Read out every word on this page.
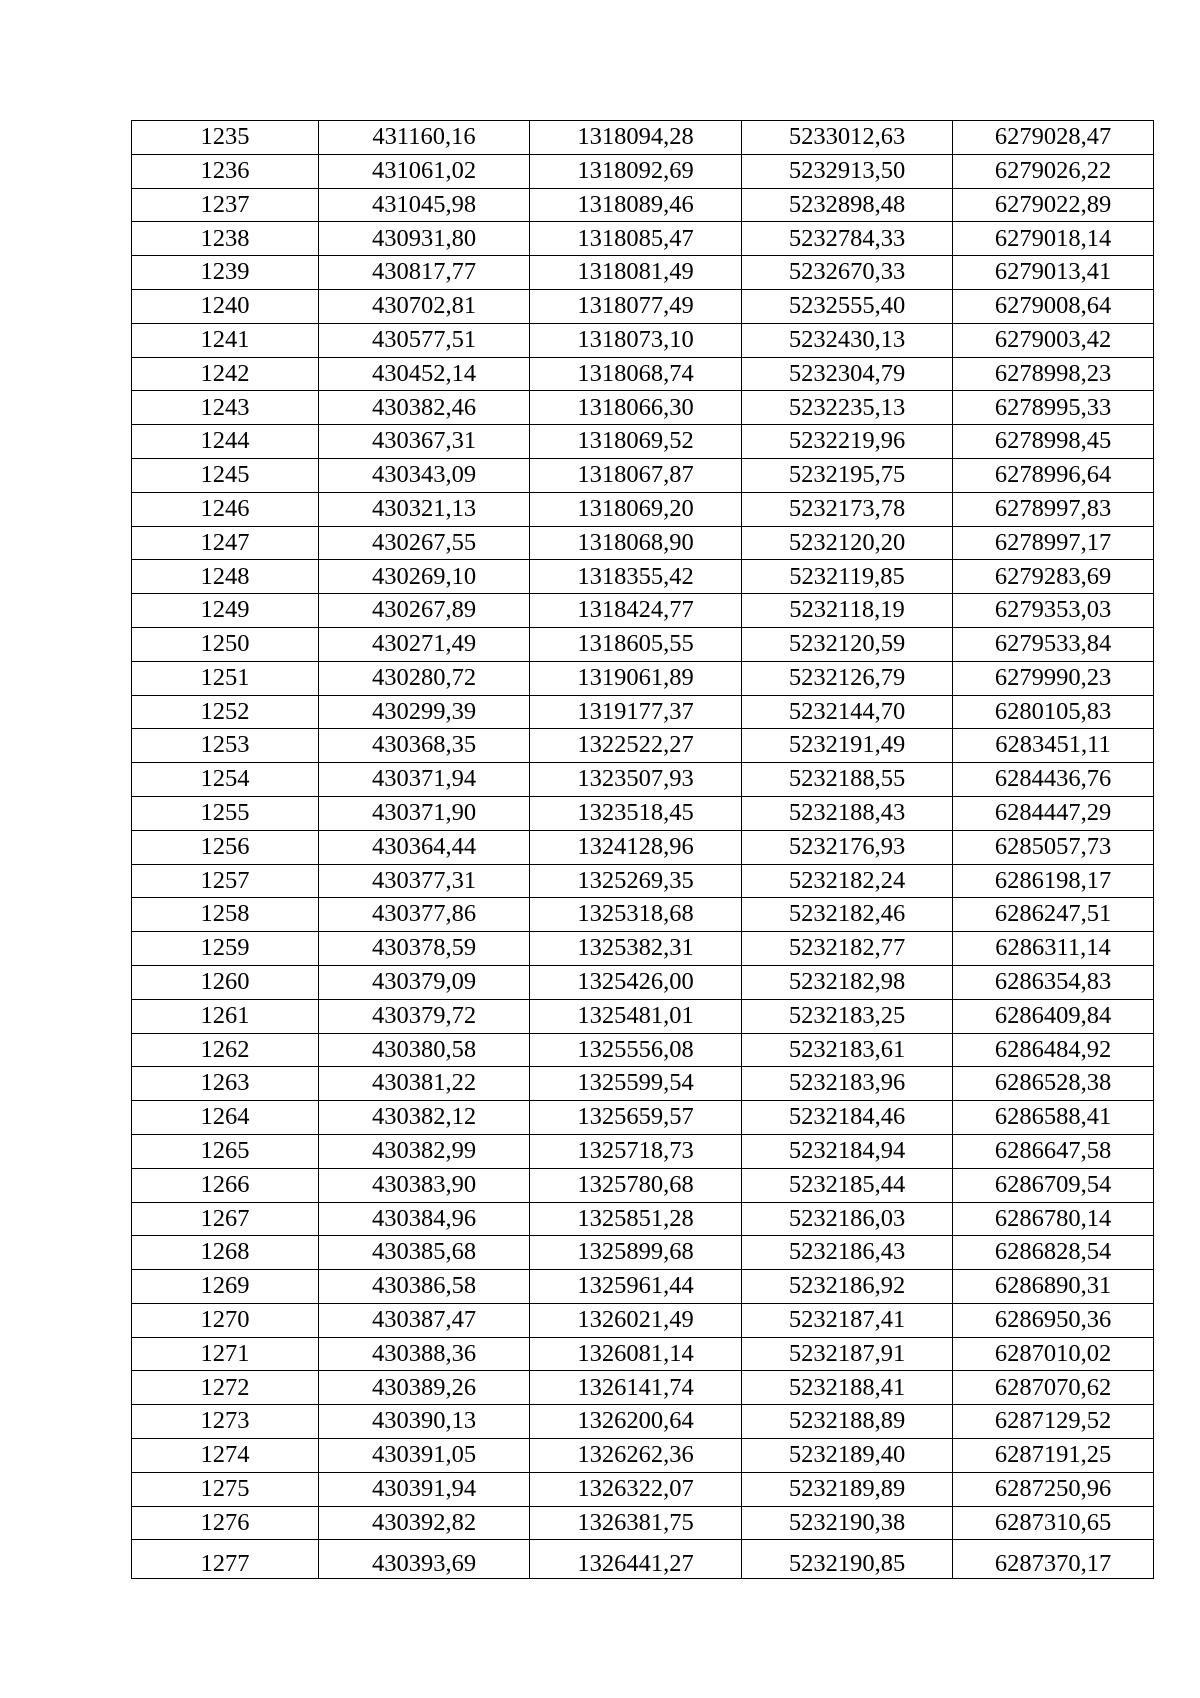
1235	431160,16	1318094,28	5233012,63	6279028,47
1236	431061,02	1318092,69	5232913,50	6279026,22
1237	431045,98	1318089,46	5232898,48	6279022,89
1238	430931,80	1318085,47	5232784,33	6279018,14
1239	430817,77	1318081,49	5232670,33	6279013,41
1240	430702,81	1318077,49	5232555,40	6279008,64
1241	430577,51	1318073,10	5232430,13	6279003,42
1242	430452,14	1318068,74	5232304,79	6278998,23
1243	430382,46	1318066,30	5232235,13	6278995,33
1244	430367,31	1318069,52	5232219,96	6278998,45
1245	430343,09	1318067,87	5232195,75	6278996,64
1246	430321,13	1318069,20	5232173,78	6278997,83
1247	430267,55	1318068,90	5232120,20	6278997,17
1248	430269,10	1318355,42	5232119,85	6279283,69
1249	430267,89	1318424,77	5232118,19	6279353,03
1250	430271,49	1318605,55	5232120,59	6279533,84
1251	430280,72	1319061,89	5232126,79	6279990,23
1252	430299,39	1319177,37	5232144,70	6280105,83
1253	430368,35	1322522,27	5232191,49	6283451,11
1254	430371,94	1323507,93	5232188,55	6284436,76
1255	430371,90	1323518,45	5232188,43	6284447,29
1256	430364,44	1324128,96	5232176,93	6285057,73
1257	430377,31	1325269,35	5232182,24	6286198,17
1258	430377,86	1325318,68	5232182,46	6286247,51
1259	430378,59	1325382,31	5232182,77	6286311,14
1260	430379,09	1325426,00	5232182,98	6286354,83
1261	430379,72	1325481,01	5232183,25	6286409,84
1262	430380,58	1325556,08	5232183,61	6286484,92
1263	430381,22	1325599,54	5232183,96	6286528,38
1264	430382,12	1325659,57	5232184,46	6286588,41
1265	430382,99	1325718,73	5232184,94	6286647,58
1266	430383,90	1325780,68	5232185,44	6286709,54
1267	430384,96	1325851,28	5232186,03	6286780,14
1268	430385,68	1325899,68	5232186,43	6286828,54
1269	430386,58	1325961,44	5232186,92	6286890,31
1270	430387,47	1326021,49	5232187,41	6286950,36
1271	430388,36	1326081,14	5232187,91	6287010,02
1272	430389,26	1326141,74	5232188,41	6287070,62
1273	430390,13	1326200,64	5232188,89	6287129,52
1274	430391,05	1326262,36	5232189,40	6287191,25
1275	430391,94	1326322,07	5232189,89	6287250,96
1276	430392,82	1326381,75	5232190,38	6287310,65
1277	430393,69	1326441,27	5232190,85	6287370,17
